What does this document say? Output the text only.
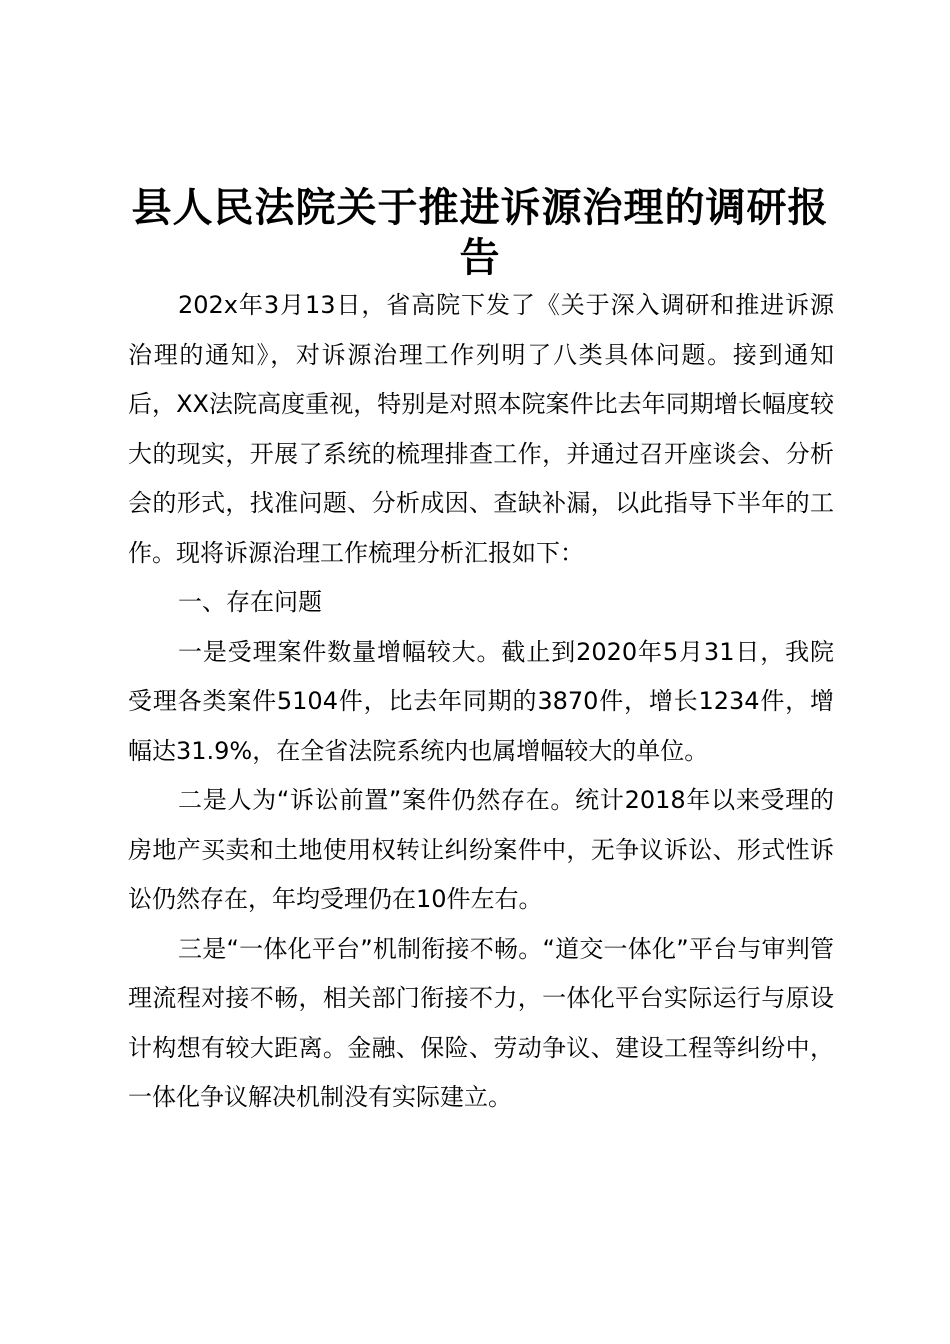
县人民法院关于推进诉源治理的调研报告

202x年3月13日，省高院下发了《关于深入调研和推进诉源治理的通知》，对诉源治理工作列明了八类具体问题。接到通知后，XX法院高度重视，特别是对照本院案件比去年同期增长幅度较大的现实，开展了系统的梳理排查工作，并通过召开座谈会、分析会的形式，找准问题、分析成因、查缺补漏，以此指导下半年的工作。现将诉源治理工作梳理分析汇报如下：

一、存在问题

一是受理案件数量增幅较大。截止到2020年5月31日，我院受理各类案件5104件，比去年同期的3870件，增长1234件，增幅达31.9%，在全省法院系统内也属增幅较大的单位。

二是人为“诉讼前置”案件仍然存在。统计2018年以来受理的房地产买卖和土地使用权转让纠纷案件中，无争议诉讼、形式性诉讼仍然存在，年均受理仍在10件左右。

三是“一体化平台”机制衔接不畅。“道交一体化”平台与审判管理流程对接不畅，相关部门衔接不力，一体化平台实际运行与原设计构想有较大距离。金融、保险、劳动争议、建设工程等纠纷中，一体化争议解决机制没有实际建立。
